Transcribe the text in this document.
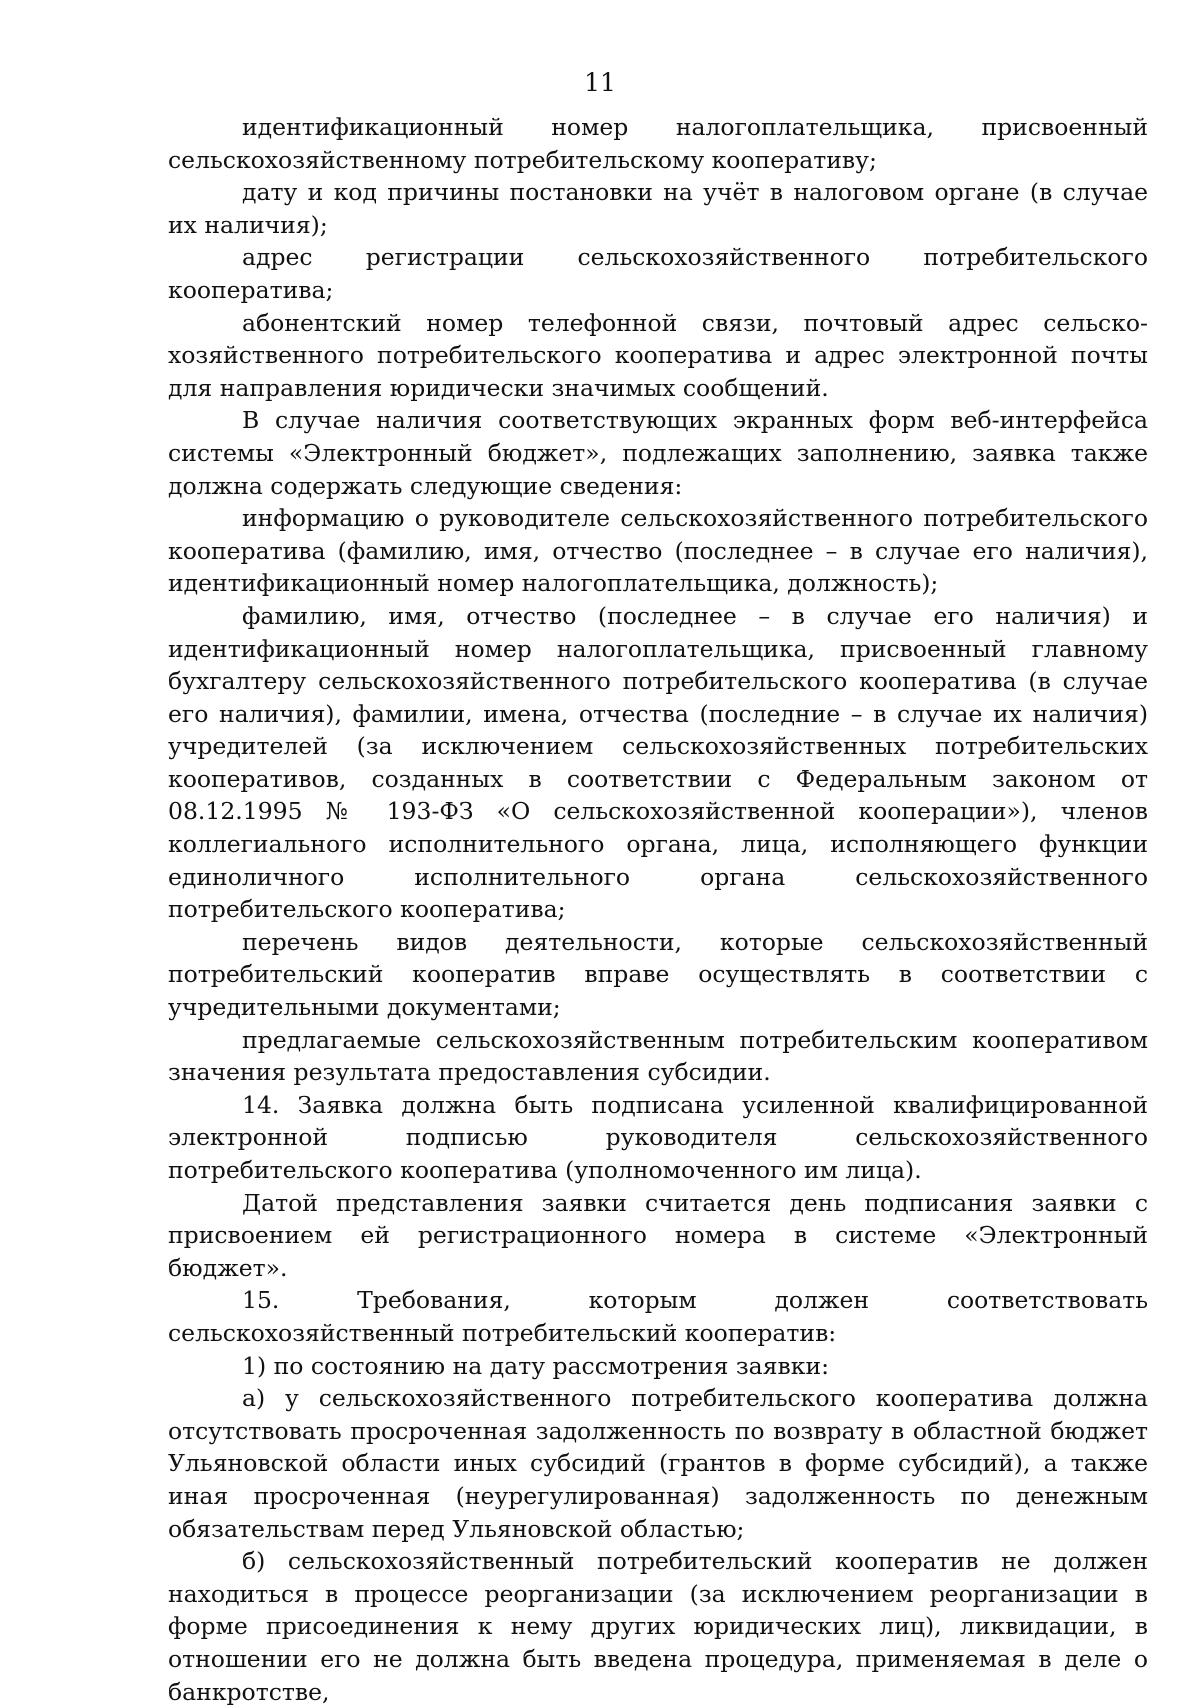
11

идентификационный номер налогоплательщика, присвоенный сельскохозяйственному потребительскому кооперативу;

дату и код причины постановки на учёт в налоговом органе (в случае их наличия);

адрес регистрации сельскохозяйственного потребительского кооператива;

абонентский номер телефонной связи, почтовый адрес сельскохозяйственного потребительского кооператива и адрес электронной почты для направления юридически значимых сообщений.

В случае наличия соответствующих экранных форм веб-интерфейса системы «Электронный бюджет», подлежащих заполнению, заявка также должна содержать следующие сведения:

информацию о руководителе сельскохозяйственного потребительского кооператива (фамилию, имя, отчество (последнее – в случае его наличия), идентификационный номер налогоплательщика, должность);

фамилию, имя, отчество (последнее – в случае его наличия) и идентификационный номер налогоплательщика, присвоенный главному бухгалтеру сельскохозяйственного потребительского кооператива (в случае его наличия), фамилии, имена, отчества (последние – в случае их наличия) учредителей (за исключением сельскохозяйственных потребительских кооперативов, созданных в соответствии с Федеральным законом от 08.12.1995 № 193-ФЗ «О сельскохозяйственной кооперации»), членов коллегиального исполнительного органа, лица, исполняющего функции единоличного исполнительного органа сельскохозяйственного потребительского кооператива;

перечень видов деятельности, которые сельскохозяйственный потребительский кооператив вправе осуществлять в соответствии с учредительными документами;

предлагаемые сельскохозяйственным потребительским кооперативом значения результата предоставления субсидии.

14. Заявка должна быть подписана усиленной квалифицированной электронной подписью руководителя сельскохозяйственного потребительского кооператива (уполномоченного им лица).

Датой представления заявки считается день подписания заявки с присвоением ей регистрационного номера в системе «Электронный бюджет».

15. Требования, которым должен соответствовать сельскохозяйственный потребительский кооператив:

1) по состоянию на дату рассмотрения заявки:

а) у сельскохозяйственного потребительского кооператива должна отсутствовать просроченная задолженность по возврату в областной бюджет Ульяновской области иных субсидий (грантов в форме субсидий), а также иная просроченная (неурегулированная) задолженность по денежным обязательствам перед Ульяновской областью;

б) сельскохозяйственный потребительский кооператив не должен находиться в процессе реорганизации (за исключением реорганизации в форме присоединения к нему других юридических лиц), ликвидации, в отношении его не должна быть введена процедура, применяемая в деле о банкротстве,
